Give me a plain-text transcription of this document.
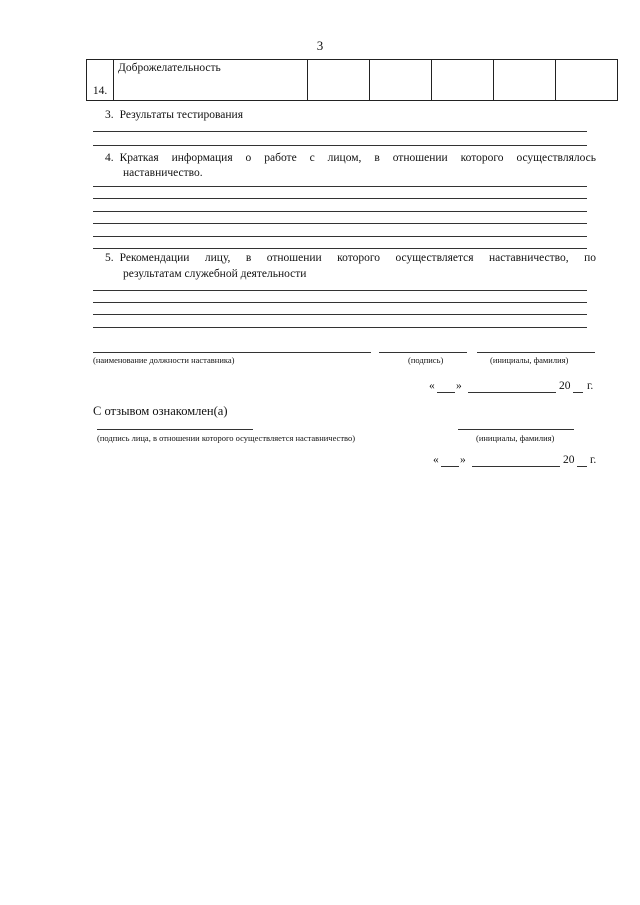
3
14.	Доброжелательность					
3. Результаты тестирования
4. Краткая информация о работе с лицом, в отношении которого осуществлялось
наставничество.
5. Рекомендации лицу, в отношении которого осуществляется наставничество, по
результатам служебной деятельности
(наименование должности наставника)	(подпись)	(инициалы, фамилия)
« »	20 г.
С отзывом ознакомлен(а)
(подпись лица, в отношении которого осуществляется наставничество)	(инициалы, фамилия)
« »	20 г.
